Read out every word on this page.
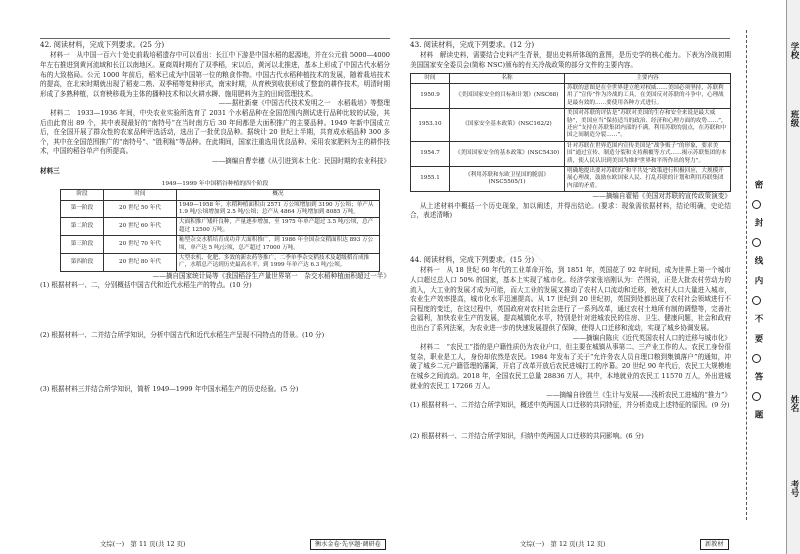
42. 阅读材料，完成下列要求。(25 分)

材料一　从中国一百六十处史前栽培稻遗存中可以看出：长江中下游是中国水稻的起源地，并在公元前 5000—4000 年左右推进到黄河流域和长江以南地区。夏商周时期有了双季稻，宋以后，黄河以北推进，基本上形成了中国古代水稻分布的大致格局。公元 1000 年前后，稻米已成为中国第一位的粮食作物。中国古代水稻种植技术的发展，随着栽培技术的提高，在北宋时期就出现了稻麦二熟、双季稻等复种形式，南宋时期，从育秧到收获形成了整套的耕作技术，明清时期形成了多熟种植，以育秧移栽为主体的播种技术和以火耕水耨、施用肥料为主的田间管理技术。

——据杜新豪《中国古代技术发明之一　水稻栽培》等整理

材料二　1933—1936 年间，中央农业实验所选育了 2031 个水稻品种在全国范围内测试进行品种比较的试验，其后由此育出 89 个，其中表现最好的“南特号”在当时南方后 30 年间都是大面积推广的主要品种。1949 年新中国成立后，在全国开展了群众性的农家品种评选活动，选出了一批优良品种。据统计 20 世纪上半期，共育成水稻品种 300 多个，其中在全国范围推广的“南特号”、“胜利籼”等品种。在此期间，国家注重选用优良品种、采用农家肥料为主的耕作技术，中国的稻谷单产有所提高。

——摘编自曹幸穗《从引进到本土化：民国时期的农业科技》

材料三

1949—1999 年中国稻谷种植的四个阶段
阶段	时间	概况
第一阶段	20 世纪 50 年代	1949—1958 年，水稻种植面积由 2571 万公顷增加到 3190 万公顷；单产从 1.9 吨/公顷增加到 2.5 吨/公顷；总产从 4864 万吨增加到 8085 万吨。
第二阶段	20 世纪 60 年代	大面积推广矮秆良种，产量逐步增加，至 1975 年单产超过 3.5 吨/公顷，总产超过 12500 万吨。
第三阶段	20 世纪 70 年代	籼型杂交水稻培育成功并大面积推广，到 1986 年全国杂交稻面积达 893 万公顷，单产达 5 吨/公顷，总产超过 17000 万吨。
第四阶段	20 世纪 80 年代	大型农机、化肥、多效的新农药等推广，二季单季杂交稻技术及超级稻育成推广，水稻总产达到历史最高水平，到 1999 年单产达 6.3 吨/公顷。

——摘自国家统计局等《我国稻谷生产量世界第一　杂交水稻种植面积超过一半》

(1) 根据材料一、二，分别概括中国古代和近代水稻生产的特点。(10 分)

(2) 根据材料一、二并结合所学知识，分析中国古代和近代水稻生产呈现不同特点的背景。(10 分)

(3) 根据材料三并结合所学知识，简析 1949—1999 年中国水稻生产的历史经验。(5 分)

文综(一)　第 11 页(共 12 页)	衡水金卷·先享题·调研卷

43. 阅读材料，完成下列要求。(12 分)

材料　解读史料，需要结合史料产生背景，提出史料所体现的意图，是历史学的核心能力。下表为冷战初期美国国家安全委员会(简称 NSC)颁布的有关冷战政策的部分文件的主要内容。

时间	名称	主要内容
1950.9	《美国国家安全的目标和计划》(NSC68)	苏联的意图是在全世界建立绝对权威……美国必须坚持，苏联利用了“宣传”作为冷战的工具，在美国反对苏联的斗争中，心理战是最有效的……要使用各种方式进行。
1953.10	《国家安全基本政策》(NSC162/2)	美国对苏联的评估是“苏联对美国的生存和安全来说是最大威胁”，美国应当“保持适当的政治、经济和心理方面的攻势……”，还应“支持在苏联集团内部的不满，利用苏联的弱点，在苏联和中国之间制造分裂……”。
1954.7	《美国国家安全的基本政策》(NSC5430)	针对苏联在世界范围内宣传美国是“战争贩子”的形象，要求美国“通过宣传、制造分裂和支持颠覆等方式……揭示苏联集团的本质，使人民认识到美国为维护世界和平所作出的努力”。
1955.1	《利用苏联和东欧卫星国的脆弱》(NSC5505/1)	明确地提出要对苏联的“和平共处”政策进行积极回应，大规模开展心理战，鼓励东欧国家人民、打乱苏联的计划和利用苏联集团内部的矛盾。

——摘编自翟韬《美国对苏联的宣传政策演变》

从上述材料中概括一个历史现象，加以阐述，并得出结论。(要求：现象需依据材料，结论明确，史论结合，表述清晰)

44. 阅读材料，完成下列要求。(15 分)

材料一　从 18 世纪 60 年代的工业革命开始，到 1851 年，英国花了 92 年时间，成为世界上第一个城市人口超过总人口 50% 的国家，基本上实现了城市化。经济学家张培刚认为：芒图说，正是大批农村劳动力的流入，大工业的发展才成为可能，而大工业的发展又推动了农村人口流动和迁移，使农村人口大量进入城市，农业生产效率提高，城市化水平迅速提高。从 17 世纪到 20 世纪初，英国到处都出现了农村社会领域进行不同程度的变迁，在这过程中，英国政府对农村社会进行了一系列改革，通过农村土地所有制的调整等，完善社会福利，加快农业生产的发展，提高城镇化水平，特别是针对进城农民的住房、卫生、健康问题，社会和政府也出台了系列法案，为农业进一步的快速发展提供了保障，使得人口迁移和流动，实现了城乡协调发展。

——摘编自陈庆《近代英国农村人口的迁移与城市化》

材料二　“农民工”指的是户籍性质仍为农业户口，但主要在城镇从事第二、三产业工作的人。农民工身份很复杂，职业是工人，身份却依然是农民。1984 年发布了关于“允许务农人员自理口粮到集镇落户”的通知，冲破了城乡二元户籍管理的藩篱，开启了改革开放后农民进城打工的序幕。20 世纪 90 年代后，农民工大规模地在城乡之间流动。2018 年，全国农民工总量 28836 万人，其中，本地就业的农民工 11570 万人，外出进城就业的农民工 17266 万人。

——摘编自徐胜兰《生计与发展——浅析农民工进城的“推力”》

(1) 根据材料一、二并结合所学知识，概述中英两国人口迁移的共同特征，并分析造成上述特征的原因。(9 分)

(2) 根据材料一、二并结合所学知识，归纳中英两国人口迁移的共同影响。(6 分)

文综(一)　第 12 页(共 12 页)	新教材
学校
班级
姓名
考号
密
封
线
内
不
要
答
题
